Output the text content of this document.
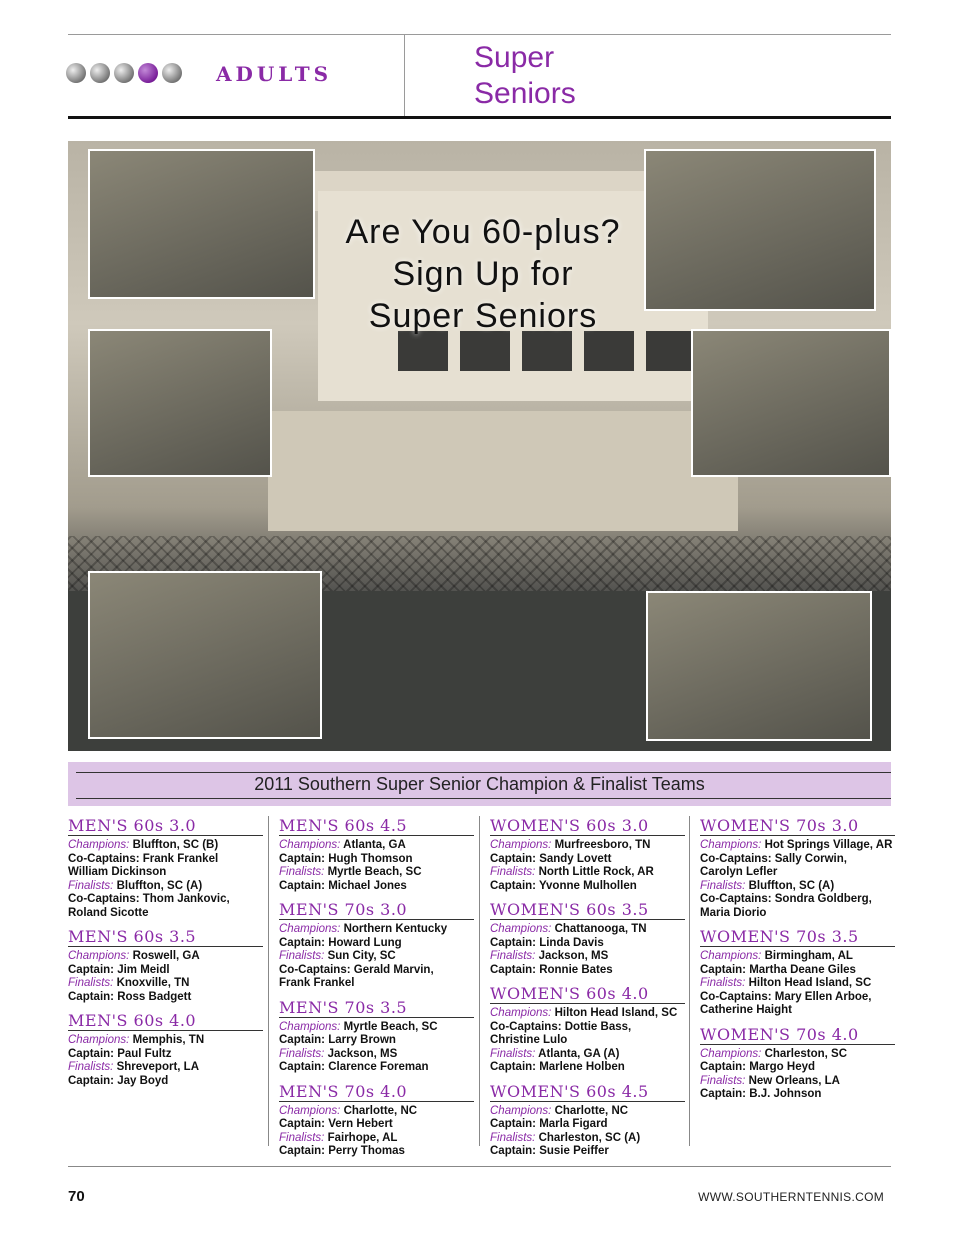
ADULTS	Super
Seniors
Are You 60-plus?
Sign Up for
Super Seniors
2011 Southern Super Senior Champion & Finalist Teams
MEN'S 60s 3.0
Champions: Bluffton, SC (B)
Co-Captains: Frank Frankel
William Dickinson
Finalists: Bluffton, SC (A)
Co-Captains: Thom Jankovic,
Roland Sicotte
MEN'S 60s 3.5
Champions: Roswell, GA
Captain: Jim Meidl
Finalists: Knoxville, TN
Captain: Ross Badgett
MEN'S 60s 4.0
Champions: Memphis, TN
Captain: Paul Fultz
Finalists: Shreveport, LA
Captain: Jay Boyd
MEN'S 60s 4.5
Champions: Atlanta, GA
Captain: Hugh Thomson
Finalists: Myrtle Beach, SC
Captain: Michael Jones
MEN'S 70s 3.0
Champions: Northern Kentucky
Captain: Howard Lung
Finalists: Sun City, SC
Co-Captains: Gerald Marvin,
Frank Frankel
MEN'S 70s 3.5
Champions: Myrtle Beach, SC
Captain: Larry Brown
Finalists: Jackson, MS
Captain: Clarence Foreman
MEN'S 70s 4.0
Champions: Charlotte, NC
Captain: Vern Hebert
Finalists: Fairhope, AL
Captain: Perry Thomas
WOMEN'S 60s 3.0
Champions: Murfreesboro, TN
Captain: Sandy Lovett
Finalists: North Little Rock, AR
Captain: Yvonne Mulhollen
WOMEN'S 60s 3.5
Champions: Chattanooga, TN
Captain: Linda Davis
Finalists: Jackson, MS
Captain: Ronnie Bates
WOMEN'S 60s 4.0
Champions: Hilton Head Island, SC
Co-Captains: Dottie Bass,
Christine Lulo
Finalists: Atlanta, GA (A)
Captain: Marlene Holben
WOMEN'S 60s 4.5
Champions: Charlotte, NC
Captain: Marla Figard
Finalists: Charleston, SC (A)
Captain: Susie Peiffer
WOMEN'S 70s 3.0
Champions: Hot Springs Village, AR
Co-Captains: Sally Corwin,
Carolyn Lefler
Finalists: Bluffton, SC (A)
Co-Captains: Sondra Goldberg,
Maria Diorio
WOMEN'S 70s 3.5
Champions: Birmingham, AL
Captain: Martha Deane Giles
Finalists: Hilton Head Island, SC
Co-Captains: Mary Ellen Arboe,
Catherine Haight
WOMEN'S 70s 4.0
Champions: Charleston, SC
Captain: Margo Heyd
Finalists: New Orleans, LA
Captain: B.J. Johnson
70	WWW.SOUTHERNTENNIS.COM
